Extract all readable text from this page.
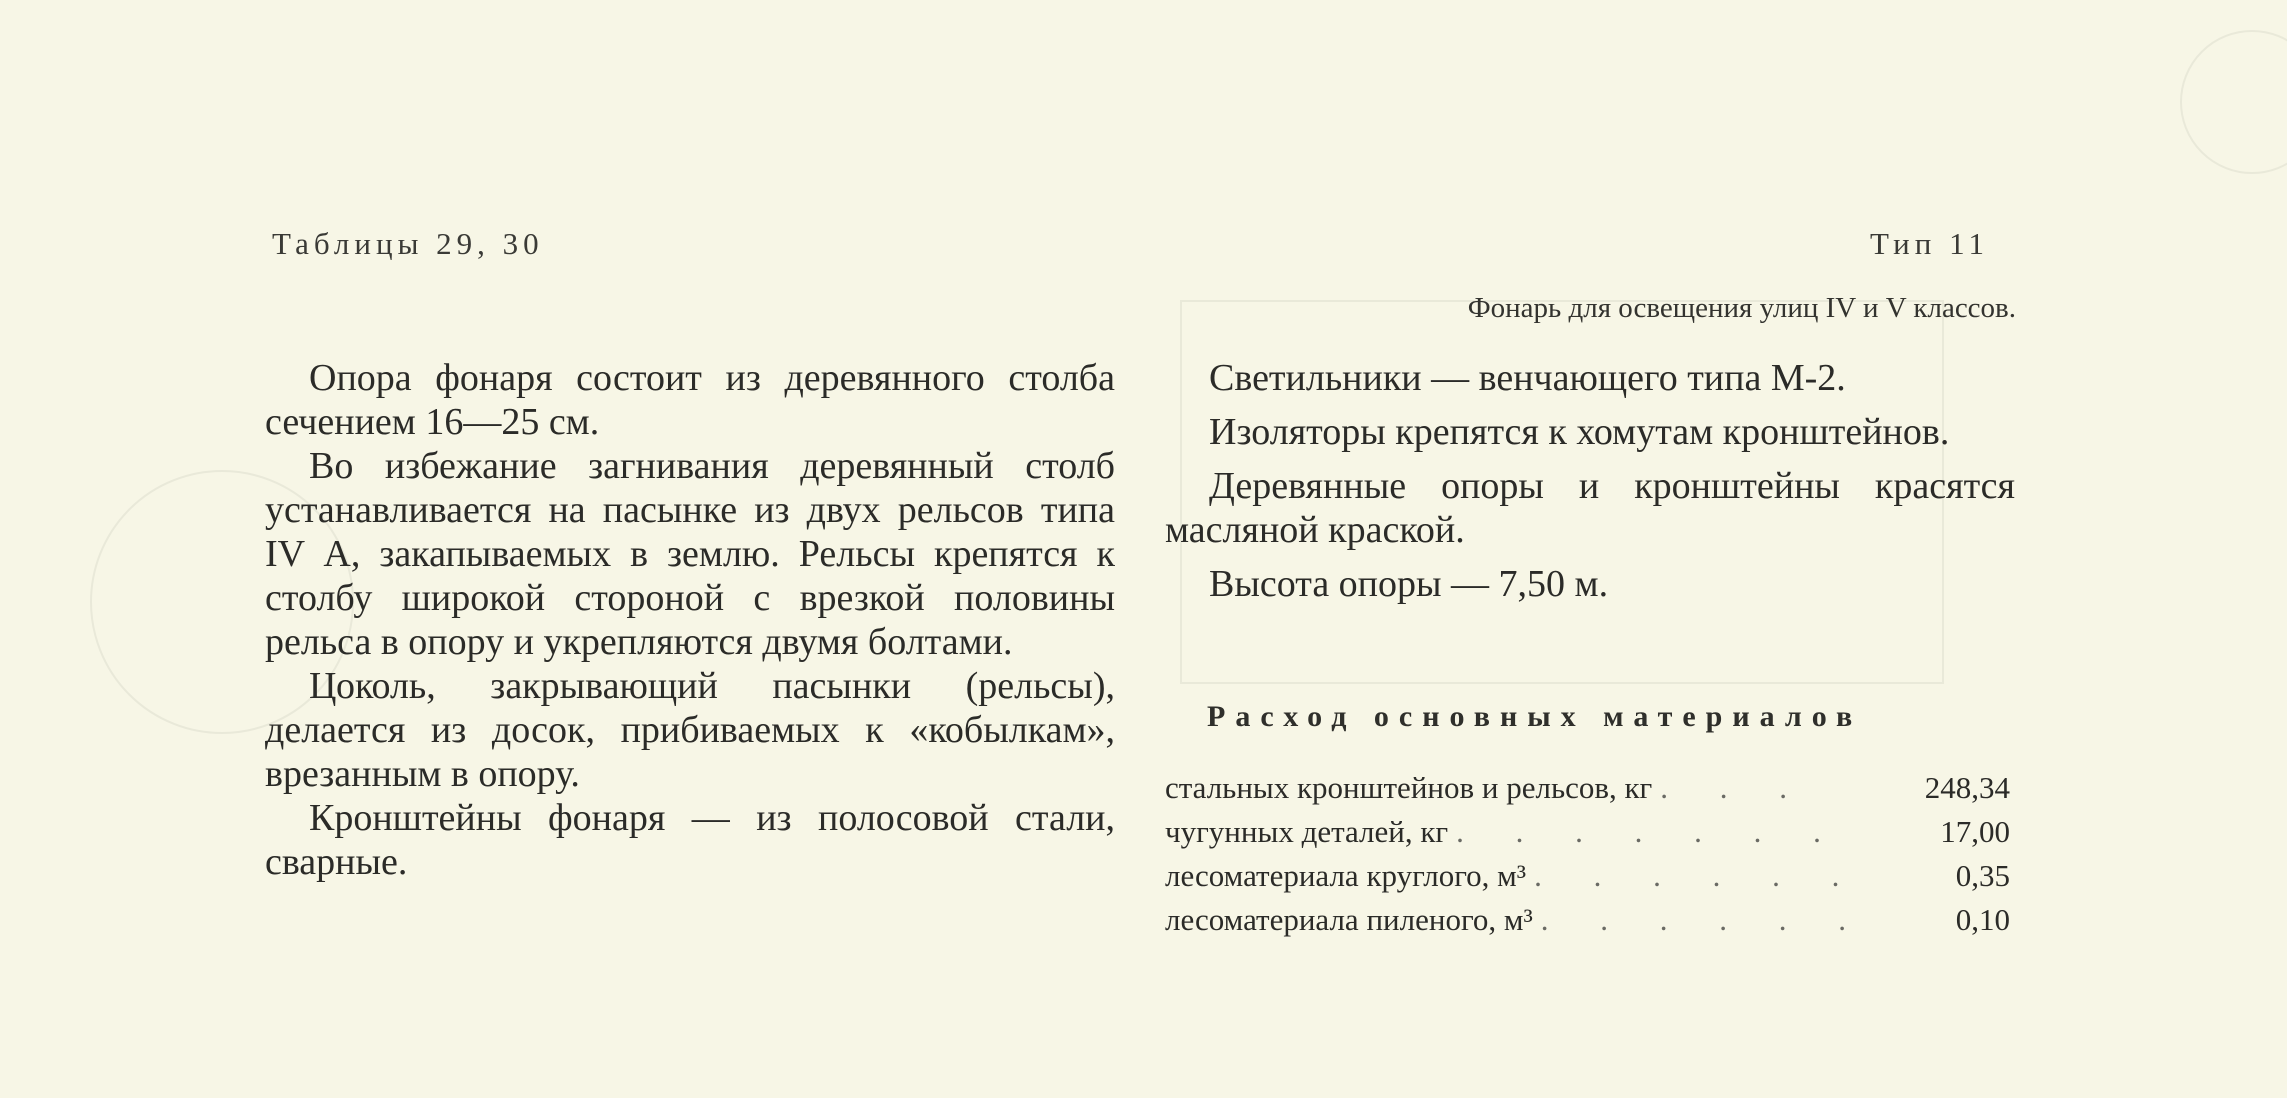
Таблицы 29, 30	Тип 11
Фонарь для освещения улиц IV и V классов.

Опора фонаря состоит из деревянного столба сечением 16—25 см.

Во избежание загнивания деревянный столб устанавливается на пасынке из двух рельсов типа IV А, закапываемых в землю. Рельсы крепятся к столбу широкой стороной с врезкой половины рельса в опору и укрепляются двумя болтами.

Цоколь, закрывающий пасынки (рельсы), делается из досок, прибиваемых к «кобылкам», врезанным в опору.

Кронштейны фонаря — из полосовой стали, сварные.

Светильники — венчающего типа М-2.

Изоляторы крепятся к хомутам кронштейнов.

Деревянные опоры и кронштейны красятся масляной краской.

Высота опоры — 7,50 м.

Расход основных материалов
стальных кронштейнов и рельсов, кг . . .	248,34
чугунных деталей, кг . . . . . . .	17,00
лесоматериала круглого, м³ . . . . . .	0,35
лесоматериала пиленого, м³ . . . . . .	0,10
